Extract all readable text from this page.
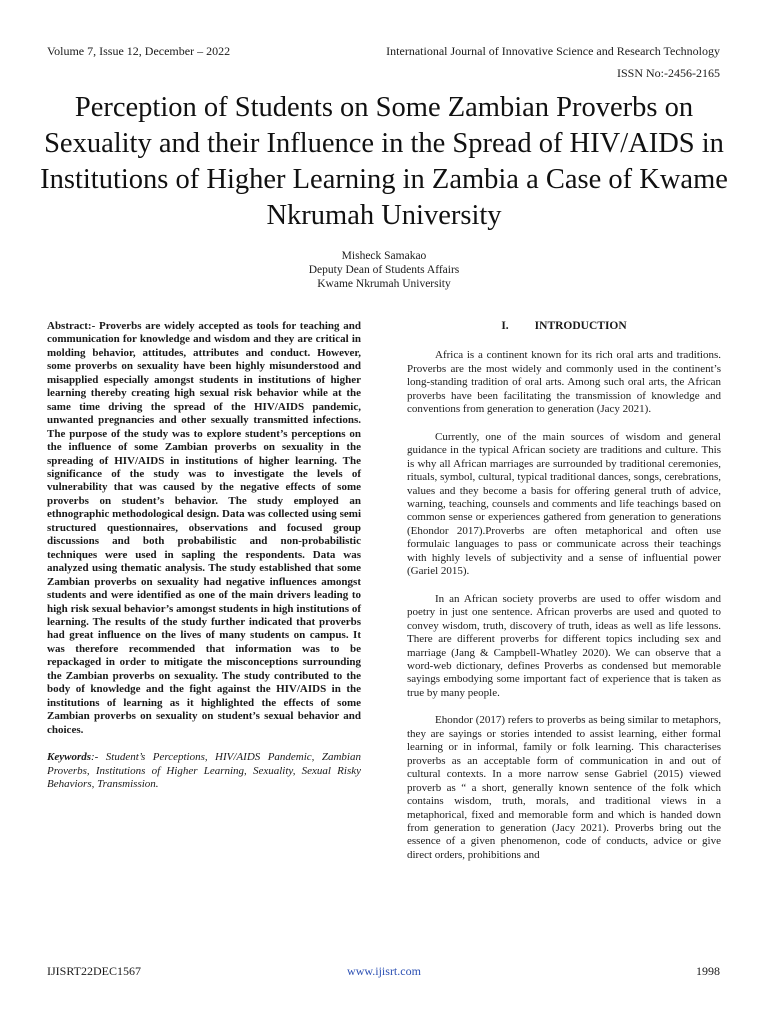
Volume 7, Issue 12, December – 2022	International Journal of Innovative Science and Research Technology
ISSN No:-2456-2165
Perception of Students on Some Zambian Proverbs on Sexuality and their Influence in the Spread of HIV/AIDS in Institutions of Higher Learning in Zambia a Case of Kwame Nkrumah University
Misheck Samakao
Deputy Dean of Students Affairs
Kwame Nkrumah University

Abstract:- Proverbs are widely accepted as tools for teaching and communication for knowledge and wisdom and they are critical in molding behavior, attitudes, attributes and conduct. However, some proverbs on sexuality have been highly misunderstood and misapplied especially amongst students in institutions of higher learning thereby creating high sexual risk behavior while at the same time driving the spread of the HIV/AIDS pandemic, unwanted pregnancies and other sexually transmitted infections. The purpose of the study was to explore student’s perceptions on the influence of some Zambian proverbs on sexuality in the spreading of HIV/AIDS in institutions of higher learning. The significance of the study was to investigate the levels of vulnerability that was caused by the negative effects of some proverbs on student’s behavior. The study employed an ethnographic methodological design. Data was collected using semi structured questionnaires, observations and focused group discussions and both probabilistic and non-probabilistic techniques were used in sapling the respondents. Data was analyzed using thematic analysis. The study established that some Zambian proverbs on sexuality had negative influences amongst students and were identified as one of the main drivers leading to high risk sexual behavior’s amongst students in high institutions of learning. The results of the study further indicated that proverbs had great influence on the lives of many students on campus. It was therefore recommended that information was to be repackaged in order to mitigate the misconceptions surrounding the Zambian proverbs on sexuality. The study contributed to the body of knowledge and the fight against the HIV/AIDS in the institutions of learning as it highlighted the effects of some Zambian proverbs on sexuality on student’s sexual behavior and choices.

Keywords:- Student’s Perceptions, HIV/AIDS Pandemic, Zambian Proverbs, Institutions of Higher Learning, Sexuality, Sexual Risky Behaviors, Transmission.

I. INTRODUCTION

Africa is a continent known for its rich oral arts and traditions. Proverbs are the most widely and commonly used in the continent’s long-standing tradition of oral arts. Among such oral arts, the African proverbs have been facilitating the transmission of knowledge and conventions from generation to generation (Jacy 2021).

Currently, one of the main sources of wisdom and general guidance in the typical African society are traditions and culture. This is why all African marriages are surrounded by traditional ceremonies, rituals, symbol, cultural, typical traditional dances, songs, cerebrations, values and they become a basis for offering general truth of advice, warning, teaching, counsels and comments and life teachings based on common sense or experiences gathered from generation to generations (Ehondor 2017).Proverbs are often metaphorical and often use formulaic languages to pass or communicate across their teachings with highly levels of subjectivity and a sense of influential power (Gariel 2015).

In an African society proverbs are used to offer wisdom and poetry in just one sentence. African proverbs are used and quoted to convey wisdom, truth, discovery of truth, ideas as well as life lessons. There are different proverbs for different topics including sex and marriage (Jang & Campbell-Whatley 2020). We can observe that a word-web dictionary, defines Proverbs as condensed but memorable sayings embodying some important fact of experience that is taken as true by many people.

Ehondor (2017) refers to proverbs as being similar to metaphors, they are sayings or stories intended to assist learning, either formal learning or in informal, family or folk learning. This characterises proverbs as an acceptable form of communication in and out of cultural contexts. In a more narrow sense Gabriel (2015) viewed proverb as “ a short, generally known sentence of the folk which contains wisdom, truth, morals, and traditional views in a metaphorical, fixed and memorable form and which is handed down from generation to generation (Jacy 2021). Proverbs bring out the essence of a given phenomenon, code of conducts, advice or give direct orders, prohibitions and

IJISRT22DEC1567	www.ijisrt.com	1998
